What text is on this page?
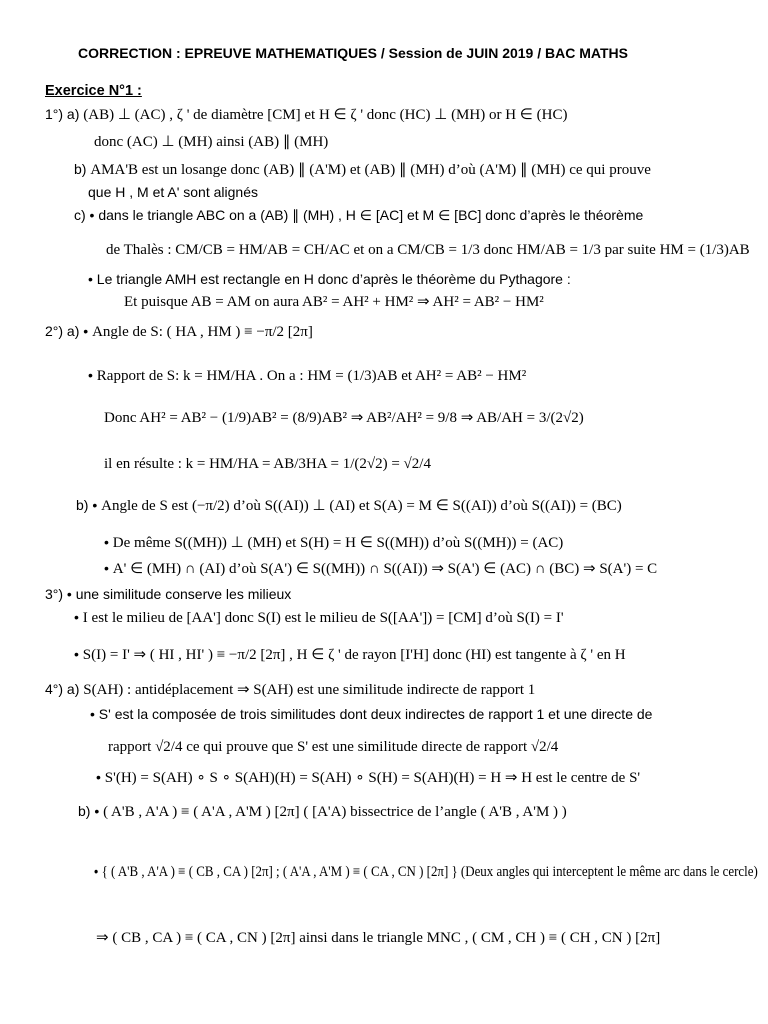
CORRECTION : EPREUVE MATHEMATIQUES / Session de JUIN 2019 / BAC MATHS
Exercice N°1 :
1°) a) (AB) ⊥ (AC) , ζ ' de diamètre [CM] et H ∈ ζ ' donc (HC) ⊥ (MH) or H ∈ (HC)
donc (AC) ⊥ (MH) ainsi (AB) ∥ (MH)
b) AMA'B est un losange donc (AB) ∥ (A'M) et (AB) ∥ (MH) d’où (A'M) ∥ (MH) ce qui prouve
que H , M et A' sont alignés
c) • dans le triangle ABC on a (AB) ∥ (MH) , H ∈ [AC] et M ∈ [BC] donc d’après le théorème
de Thalès : CM/CB = HM/AB = CH/AC et on a CM/CB = 1/3 donc HM/AB = 1/3 par suite HM = (1/3)AB
• Le triangle AMH est rectangle en H donc d’après le théorème du Pythagore :
Et puisque AB = AM on aura AB² = AH² + HM² ⇒ AH² = AB² − HM²
2°) a) • Angle de S: ( HA , HM ) ≡ −π/2 [2π]
• Rapport de S: k = HM/HA . On a : HM = (1/3)AB et AH² = AB² − HM²
Donc AH² = AB² − (1/9)AB² = (8/9)AB² ⇒ AB²/AH² = 9/8 ⇒ AB/AH = 3/(2√2)
il en résulte : k = HM/HA = AB/3HA = 1/(2√2) = √2/4
b) • Angle de S est (−π/2) d’où S((AI)) ⊥ (AI) et S(A) = M ∈ S((AI)) d’où S((AI)) = (BC)
• De même S((MH)) ⊥ (MH) et S(H) = H ∈ S((MH)) d’où S((MH)) = (AC)
• A' ∈ (MH) ∩ (AI) d’où S(A') ∈ S((MH)) ∩ S((AI)) ⇒ S(A') ∈ (AC) ∩ (BC) ⇒ S(A') = C
3°) • une similitude conserve les milieux
• I est le milieu de [AA'] donc S(I) est le milieu de S([AA']) = [CM] d’où S(I) = I'
• S(I) = I' ⇒ ( HI , HI' ) ≡ −π/2 [2π] , H ∈ ζ ' de rayon [I'H] donc (HI) est tangente à ζ ' en H
4°) a) S(AH) : antidéplacement ⇒ S(AH) est une similitude indirecte de rapport 1
• S' est la composée de trois similitudes dont deux indirectes de rapport 1 et une directe de
rapport √2/4 ce qui prouve que S' est une similitude directe de rapport √2/4
• S'(H) = S(AH) ∘ S ∘ S(AH)(H) = S(AH) ∘ S(H) = S(AH)(H) = H ⇒ H est le centre de S'
b) • ( A'B , A'A ) ≡ ( A'A , A'M ) [2π] ( [A'A) bissectrice de l’angle ( A'B , A'M ) )
• { ( A'B , A'A ) ≡ ( CB , CA ) [2π] ; ( A'A , A'M ) ≡ ( CA , CN ) [2π] } (Deux angles qui interceptent le même arc dans le cercle)
⇒ ( CB , CA ) ≡ ( CA , CN ) [2π] ainsi dans le triangle MNC , ( CM , CH ) ≡ ( CH , CN ) [2π]
